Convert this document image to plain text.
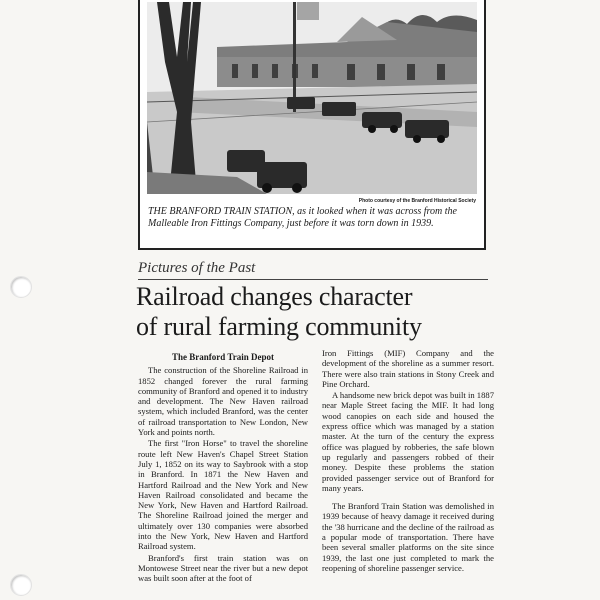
Photo courtesy of the Branford Historical Society
THE BRANFORD TRAIN STATION, as it looked when it was across from the Malleable Iron Fittings Company, just before it was torn down in 1939.
Pictures of the Past
Railroad changes character
of rural farming community
The Branford Train Depot

The construction of the Shoreline Railroad in 1852 changed forever the rural farming community of Branford and opened it to industry and development. The New Haven railroad system, which included Branford, was the center of railroad transportation to New London, New York and points north.

The first "Iron Horse" to travel the shoreline route left New Haven's Chapel Street Station July 1, 1852 on its way to Saybrook with a stop in Branford. In 1871 the New Haven and Hartford Railroad and the New York and New Haven Railroad consolidated and became the New York, New Haven and Hartford Railroad. The Shoreline Railroad joined the merger and ultimately over 130 companies were absorbed into the New York, New Haven and Hartford Railroad system.

Branford's first train station was on Montowese Street near the river but a new depot was built soon after at the foot of

Iron Fittings (MIF) Company and the development of the shoreline as a summer resort. There were also train stations in Stony Creek and Pine Orchard.

A handsome new brick depot was built in 1887 near Maple Street facing the MIF. It had long wood canopies on each side and housed the express office which was managed by a station master. At the turn of the century the express office was plagued by robberies, the safe blown up regularly and passengers robbed of their money. Despite these problems the station provided passenger service out of Branford for many years.

The Branford Train Station was demolished in 1939 because of heavy damage it received during the '38 hurricane and the decline of the railroad as a popular mode of transportation. There have been several smaller platforms on the site since 1939, the last one just completed to mark the reopening of shoreline passenger service.
